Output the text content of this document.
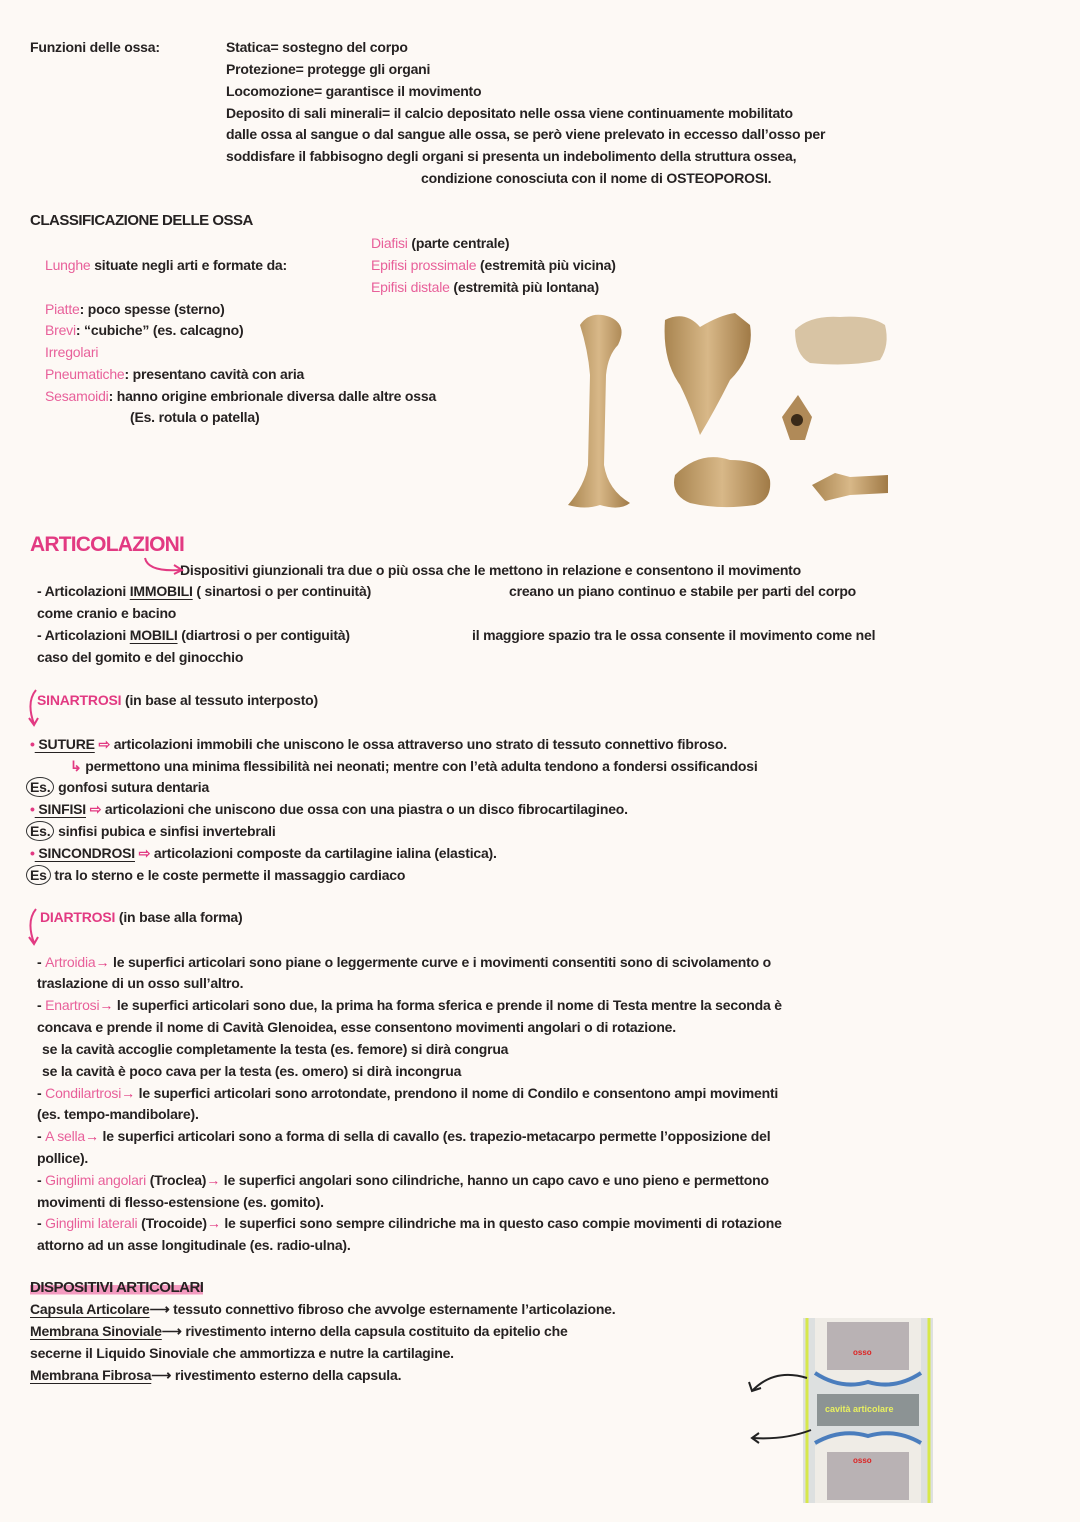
Funzioni delle ossa:	Statica= sostegno del corpo
Protezione= protegge gli organi
Locomozione= garantisce il movimento
Deposito di sali minerali= il calcio depositato nelle ossa viene continuamente mobilitato
dalle ossa al sangue o dal sangue alle ossa, se però viene prelevato in eccesso dall’osso per
soddisfare il fabbisogno degli organi si presenta un indebolimento della struttura ossea,
condizione conosciuta con il nome di OSTEOPOROSI.
CLASSIFICAZIONE DELLE OSSA
Diafisi (parte centrale)
Lunghe situate negli arti e formate da:	Epifisi prossimale (estremità più vicina)
Epifisi distale (estremità più lontana)
Piatte: poco spesse (sterno)
Brevi: “cubiche” (es. calcagno)
Irregolari
Pneumatiche: presentano cavità con aria
Sesamoidi: hanno origine embrionale diversa dalle altre ossa
(Es. rotula o patella)
ARTICOLAZIONI
Dispositivi giunzionali tra due o più ossa che le mettono in relazione e consentono il movimento
- Articolazioni IMMOBILI ( sinartosi o per continuità)	creano un piano continuo e stabile per parti del corpo
come cranio e bacino
- Articolazioni MOBILI (diartrosi o per contiguità)	il maggiore spazio tra le ossa consente il movimento come nel
caso del gomito e del ginocchio
SINARTROSI (in base al tessuto interposto)
• SUTURE ⇨ articolazioni immobili che uniscono le ossa attraverso uno strato di tessuto connettivo fibroso.
↳ permettono una minima flessibilità nei neonati; mentre con l’età adulta tendono a fondersi ossificandosi
Es. gonfosi sutura dentaria
• SINFISI ⇨ articolazioni che uniscono due ossa con una piastra o un disco fibrocartilagineo.
Es. sinfisi pubica e sinfisi invertebrali
• SINCONDROSI ⇨ articolazioni composte da cartilagine ialina (elastica).
Es tra lo sterno e le coste permette il massaggio cardiaco
DIARTROSI (in base alla forma)
- Artroidia→ le superfici articolari sono piane o leggermente curve e i movimenti consentiti sono di scivolamento o
traslazione di un osso sull’altro.
- Enartrosi→ le superfici articolari sono due, la prima ha forma sferica e prende il nome di Testa mentre la seconda è
concava e prende il nome di Cavità Glenoidea, esse consentono movimenti angolari o di rotazione.
se la cavità accoglie completamente la testa (es. femore) si dirà congrua
se la cavità è poco cava per la testa (es. omero) si dirà incongrua
- Condilartrosi→ le superfici articolari sono arrotondate, prendono il nome di Condilo e consentono ampi movimenti
(es. tempo-mandibolare).
- A sella→ le superfici articolari sono a forma di sella di cavallo (es. trapezio-metacarpo permette l’opposizione del
pollice).
- Ginglimi angolari (Troclea)→ le superfici angolari sono cilindriche, hanno un capo cavo e uno pieno e permettono
movimenti di flesso-estensione (es. gomito).
- Ginglimi laterali (Trocoide)→ le superfici sono sempre cilindriche ma in questo caso compie movimenti di rotazione
attorno ad un asse longitudinale (es. radio-ulna).
DISPOSITIVI ARTICOLARI
Capsula Articolare⟶ tessuto connettivo fibroso che avvolge esternamente l’articolazione.
Membrana Sinoviale⟶ rivestimento interno della capsula costituito da epitelio che
secerne il Liquido Sinoviale che ammortizza e nutre la cartilagine.
Membrana Fibrosa⟶ rivestimento esterno della capsula.
osso
cavità articolare
osso
